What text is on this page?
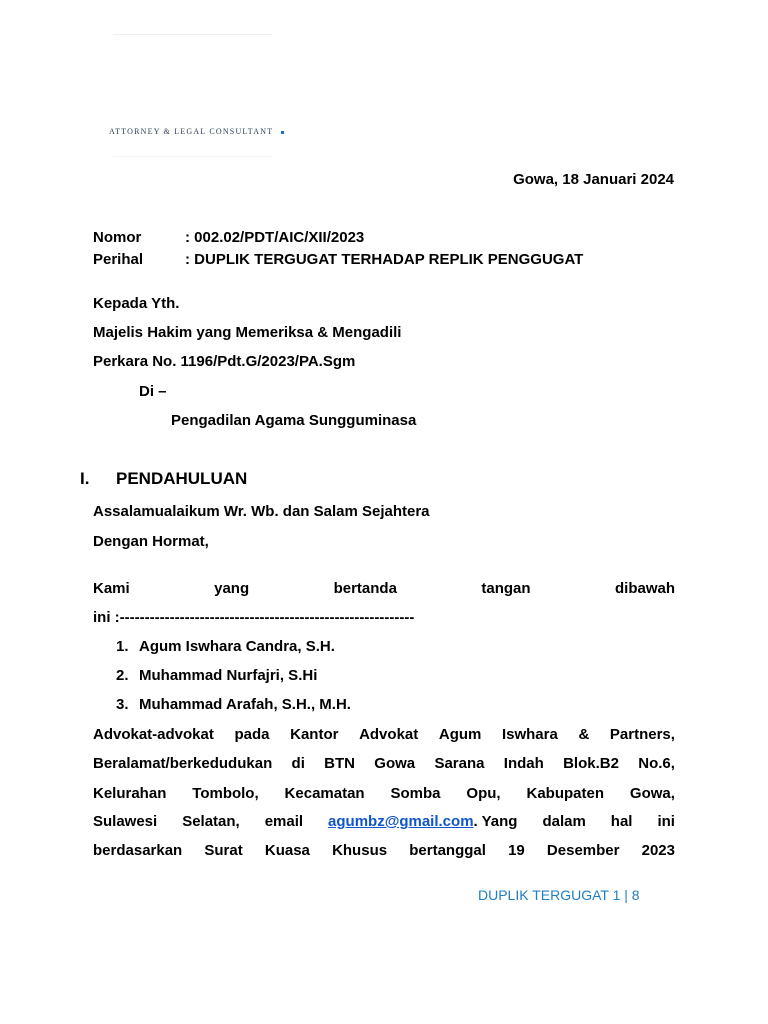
ATTORNEY & LEGAL CONSULTANT
Gowa, 18 Januari 2024
Nomor	: 002.02/PDT/AIC/XII/2023
Perihal	: DUPLIK TERGUGAT TERHADAP REPLIK PENGGUGAT
Kepada Yth.
Majelis Hakim yang Memeriksa & Mengadili
Perkara No. 1196/Pdt.G/2023/PA.Sgm
Di –
Pengadilan Agama Sungguminasa
I.	PENDAHULUAN
Assalamualaikum Wr. Wb. dan Salam Sejahtera
Dengan Hormat,
Kami	yang	bertanda	tangan	dibawah
ini :-----------------------------------------------------------
1. Agum Iswhara Candra, S.H.
2. Muhammad Nurfajri, S.Hi
3. Muhammad Arafah, S.H., M.H.
Advokat-advokat pada Kantor Advokat Agum Iswhara & Partners,
Beralamat/berkedudukan di BTN Gowa Sarana Indah Blok.B2 No.6,
Kelurahan Tombolo, Kecamatan Somba Opu, Kabupaten Gowa,
Sulawesi Selatan, email agumbz@gmail.com. Yang dalam hal ini
berdasarkan Surat Kuasa Khusus bertanggal 19 Desember 2023
DUPLIK TERGUGAT 1 | 8
